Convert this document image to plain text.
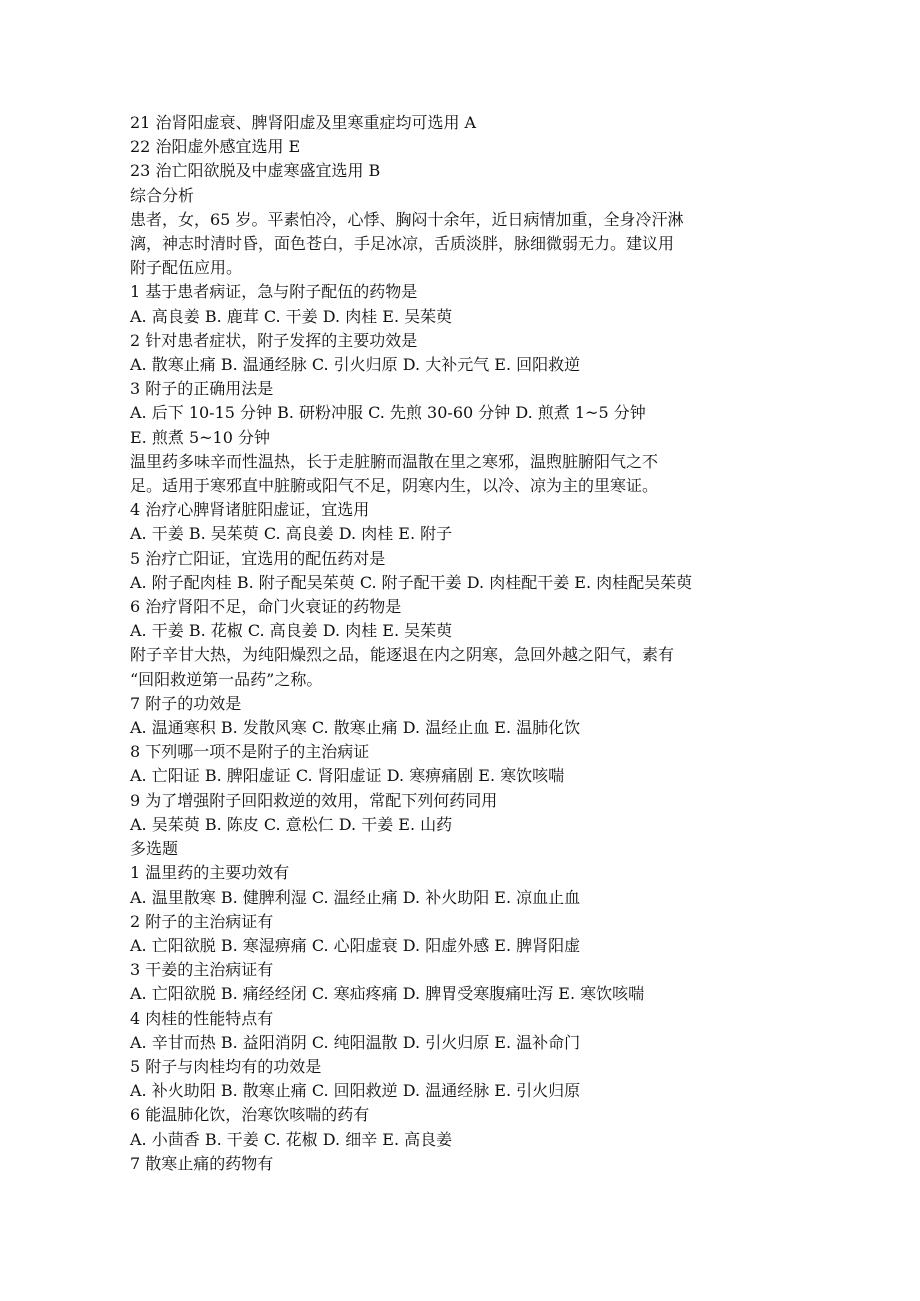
21 治肾阳虚衰、脾肾阳虚及里寒重症均可选用 A
22 治阳虚外感宜选用 E
23 治亡阳欲脱及中虚寒盛宜选用 B
综合分析
患者，女，65 岁。平素怕冷，心悸、胸闷十余年，近日病情加重，全身冷汗淋
漓，神志时清时昏，面色苍白，手足冰凉，舌质淡胖，脉细微弱无力。建议用
附子配伍应用。
1 基于患者病证，急与附子配伍的药物是
A. 高良姜 B. 鹿茸 C. 干姜 D. 肉桂 E. 吴茱萸
2 针对患者症状，附子发挥的主要功效是
A. 散寒止痛 B. 温通经脉 C. 引火归原 D. 大补元气 E. 回阳救逆
3 附子的正确用法是
A. 后下 10-15 分钟 B. 研粉冲服 C. 先煎 30-60 分钟 D. 煎煮 1~5 分钟
E. 煎煮 5~10 分钟
温里药多味辛而性温热，长于走脏腑而温散在里之寒邪，温煦脏腑阳气之不
足。适用于寒邪直中脏腑或阳气不足，阴寒内生，以冷、凉为主的里寒证。
4 治疗心脾肾诸脏阳虚证，宜选用
A. 干姜 B. 吴茱萸 C. 高良姜 D. 肉桂 E. 附子
5 治疗亡阳证，宜选用的配伍药对是
A. 附子配肉桂 B. 附子配吴茱萸 C. 附子配干姜 D. 肉桂配干姜 E. 肉桂配吴茱萸
6 治疗肾阳不足，命门火衰证的药物是
A. 干姜 B. 花椒 C. 高良姜 D. 肉桂 E. 吴茱萸
附子辛甘大热，为纯阳燥烈之品，能逐退在内之阴寒，急回外越之阳气，素有
“回阳救逆第一品药”之称。
7 附子的功效是
A. 温通寒积 B. 发散风寒 C. 散寒止痛 D. 温经止血 E. 温肺化饮
8 下列哪一项不是附子的主治病证
A. 亡阳证 B. 脾阳虚证 C. 肾阳虚证 D. 寒痹痛剧 E. 寒饮咳喘
9 为了增强附子回阳救逆的效用，常配下列何药同用
A. 吴茱萸 B. 陈皮 C. 意松仁 D. 干姜 E. 山药
多选题
1 温里药的主要功效有
A. 温里散寒 B. 健脾利湿 C. 温经止痛 D. 补火助阳 E. 凉血止血
2 附子的主治病证有
A. 亡阳欲脱 B. 寒湿痹痛 C. 心阳虚衰 D. 阳虚外感 E. 脾肾阳虚
3 干姜的主治病证有
A. 亡阳欲脱 B. 痛经经闭 C. 寒疝疼痛 D. 脾胃受寒腹痛吐泻 E. 寒饮咳喘
4 肉桂的性能特点有
A. 辛甘而热 B. 益阳消阴 C. 纯阳温散 D. 引火归原 E. 温补命门
5 附子与肉桂均有的功效是
A. 补火助阳 B. 散寒止痛 C. 回阳救逆 D. 温通经脉 E. 引火归原
6 能温肺化饮，治寒饮咳喘的药有
A. 小茴香 B. 干姜 C. 花椒 D. 细辛 E. 高良姜
7 散寒止痛的药物有
